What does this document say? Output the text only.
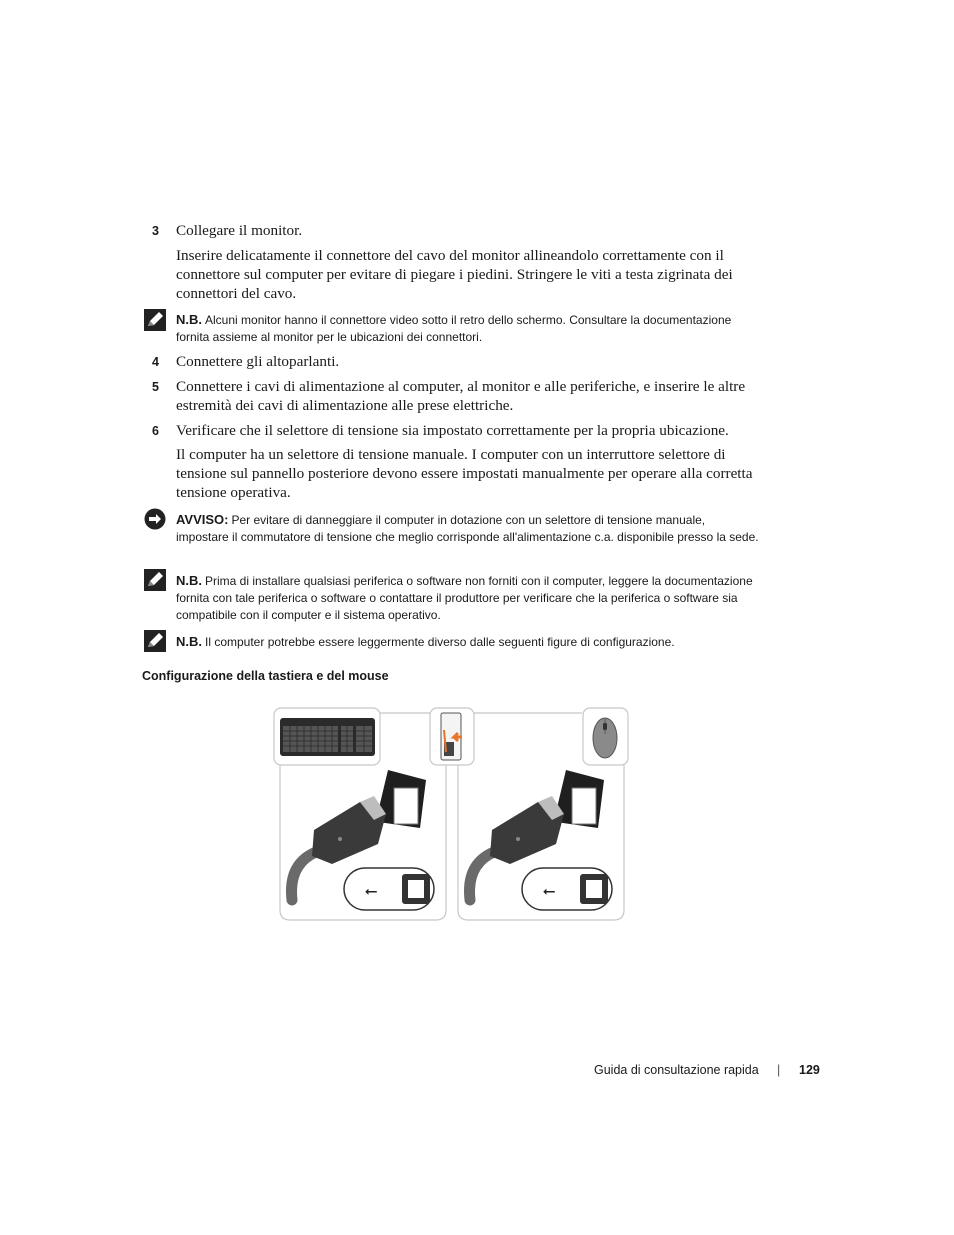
3 Collegare il monitor.
Inserire delicatamente il connettore del cavo del monitor allineandolo correttamente con il connettore sul computer per evitare di piegare i piedini. Stringere le viti a testa zigrinata dei connettori del cavo.
N.B. Alcuni monitor hanno il connettore video sotto il retro dello schermo. Consultare la documentazione fornita assieme al monitor per le ubicazioni dei connettori.
4 Connettere gli altoparlanti.
5 Connettere i cavi di alimentazione al computer, al monitor e alle periferiche, e inserire le altre estremità dei cavi di alimentazione alle prese elettriche.
6 Verificare che il selettore di tensione sia impostato correttamente per la propria ubicazione.
Il computer ha un selettore di tensione manuale. I computer con un interruttore selettore di tensione sul pannello posteriore devono essere impostati manualmente per operare alla corretta tensione operativa.
AVVISO: Per evitare di danneggiare il computer in dotazione con un selettore di tensione manuale, impostare il commutatore di tensione che meglio corrisponde all'alimentazione c.a. disponibile presso la sede.
N.B. Prima di installare qualsiasi periferica o software non forniti con il computer, leggere la documentazione fornita con tale periferica o software o contattare il produttore per verificare che la periferica o software sia compatibile con il computer e il sistema operativo.
N.B. Il computer potrebbe essere leggermente diverso dalle seguenti figure di configurazione.
Configurazione della tastiera e del mouse
⭠	⭠
Guida di consultazione rapida | 129
